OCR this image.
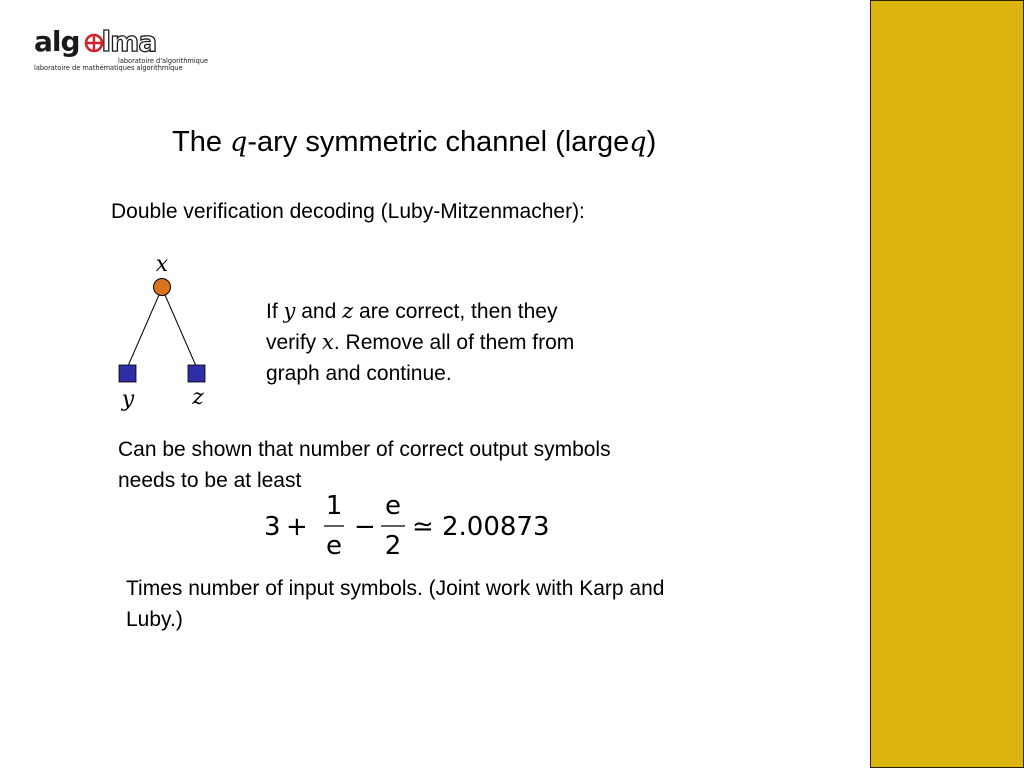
alg lma
laboratoire d'algorithmique
laboratoire de mathématiques algorithmique
The q-ary symmetric channel (largeq)
Double verification decoding (Luby-Mitzenmacher):
x
y	z
If y and z are correct, then they
verify x. Remove all of them from
graph and continue.
Can be shown that number of correct output symbols
needs to be at least
3 +
1
e
−
e
2
≃ 2.00873
Times number of input symbols. (Joint work with Karp and
Luby.)
